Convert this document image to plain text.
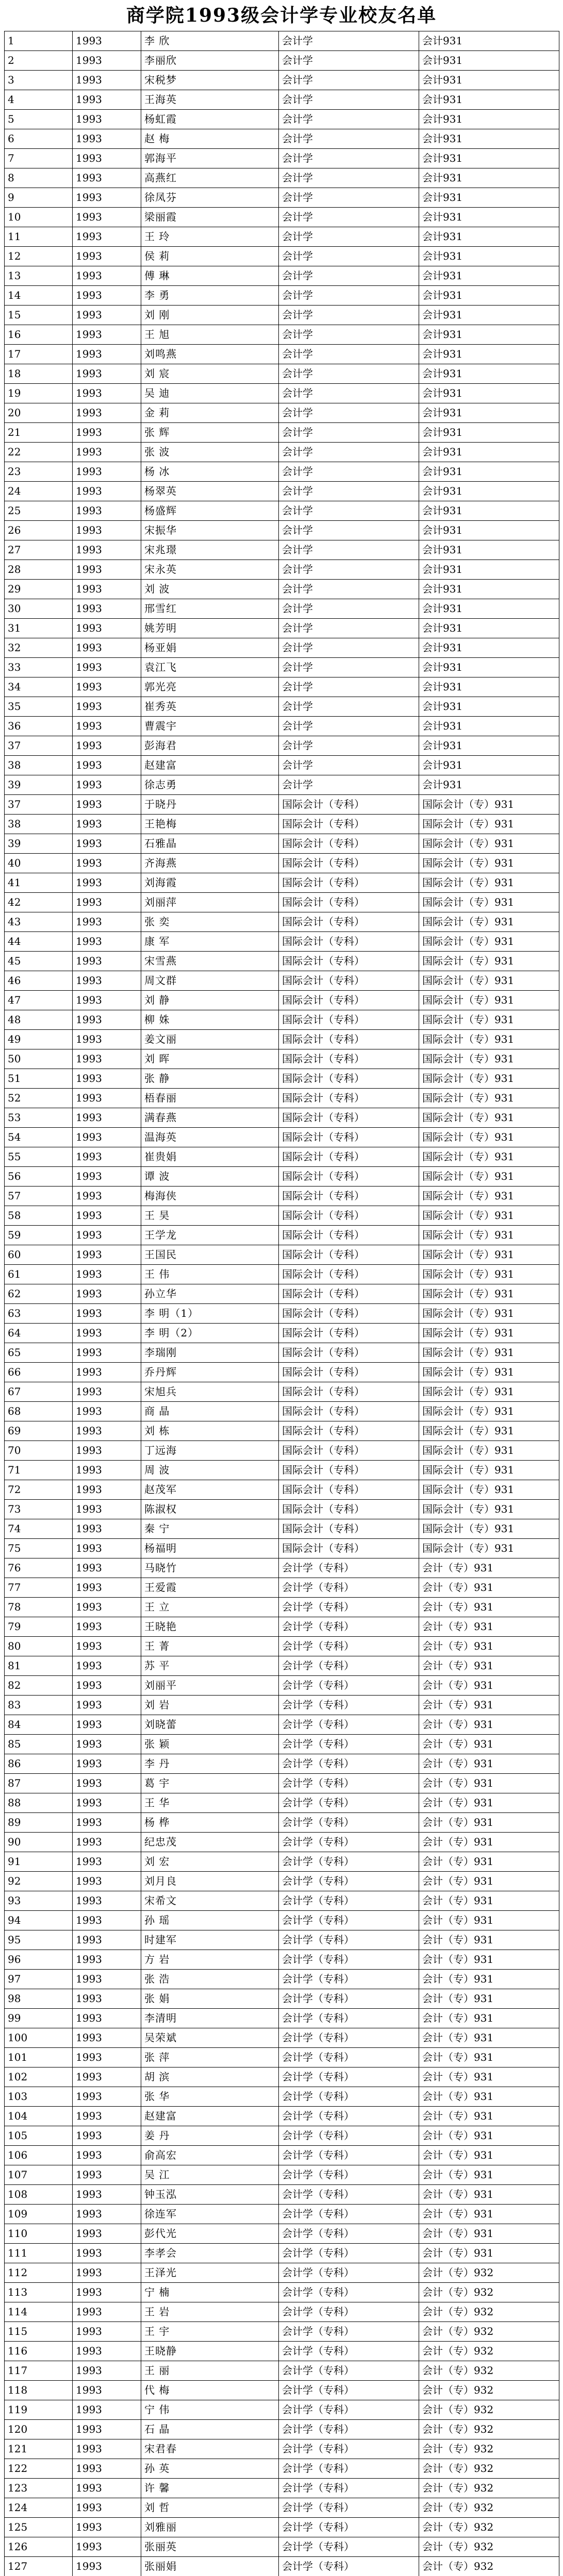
商学院1993级会计学专业校友名单
1	1993	李 欣	会计学	会计931
2	1993	李丽欣	会计学	会计931
3	1993	宋税梦	会计学	会计931
4	1993	王海英	会计学	会计931
5	1993	杨虹霞	会计学	会计931
6	1993	赵 梅	会计学	会计931
7	1993	郭海平	会计学	会计931
8	1993	高燕红	会计学	会计931
9	1993	徐凤芬	会计学	会计931
10	1993	梁丽霞	会计学	会计931
11	1993	王 玲	会计学	会计931
12	1993	侯 莉	会计学	会计931
13	1993	傅 琳	会计学	会计931
14	1993	李 勇	会计学	会计931
15	1993	刘 刚	会计学	会计931
16	1993	王 旭	会计学	会计931
17	1993	刘鸣燕	会计学	会计931
18	1993	刘 宸	会计学	会计931
19	1993	吴 迪	会计学	会计931
20	1993	金 莉	会计学	会计931
21	1993	张 辉	会计学	会计931
22	1993	张 波	会计学	会计931
23	1993	杨 冰	会计学	会计931
24	1993	杨翠英	会计学	会计931
25	1993	杨盛辉	会计学	会计931
26	1993	宋振华	会计学	会计931
27	1993	宋兆璟	会计学	会计931
28	1993	宋永英	会计学	会计931
29	1993	刘 波	会计学	会计931
30	1993	邢雪红	会计学	会计931
31	1993	姚芳明	会计学	会计931
32	1993	杨亚娟	会计学	会计931
33	1993	袁江飞	会计学	会计931
34	1993	郭光亮	会计学	会计931
35	1993	崔秀英	会计学	会计931
36	1993	曹震宇	会计学	会计931
37	1993	彭海君	会计学	会计931
38	1993	赵建富	会计学	会计931
39	1993	徐志勇	会计学	会计931
37	1993	于晓丹	国际会计（专科）	国际会计（专）931
38	1993	王艳梅	国际会计（专科）	国际会计（专）931
39	1993	石雅晶	国际会计（专科）	国际会计（专）931
40	1993	齐海燕	国际会计（专科）	国际会计（专）931
41	1993	刘海霞	国际会计（专科）	国际会计（专）931
42	1993	刘丽萍	国际会计（专科）	国际会计（专）931
43	1993	张 奕	国际会计（专科）	国际会计（专）931
44	1993	康 军	国际会计（专科）	国际会计（专）931
45	1993	宋雪燕	国际会计（专科）	国际会计（专）931
46	1993	周文群	国际会计（专科）	国际会计（专）931
47	1993	刘 静	国际会计（专科）	国际会计（专）931
48	1993	柳 姝	国际会计（专科）	国际会计（专）931
49	1993	姜文丽	国际会计（专科）	国际会计（专）931
50	1993	刘 晖	国际会计（专科）	国际会计（专）931
51	1993	张 静	国际会计（专科）	国际会计（专）931
52	1993	梧春丽	国际会计（专科）	国际会计（专）931
53	1993	满春燕	国际会计（专科）	国际会计（专）931
54	1993	温海英	国际会计（专科）	国际会计（专）931
55	1993	崔贵娟	国际会计（专科）	国际会计（专）931
56	1993	谭 波	国际会计（专科）	国际会计（专）931
57	1993	梅海侠	国际会计（专科）	国际会计（专）931
58	1993	王 昊	国际会计（专科）	国际会计（专）931
59	1993	王学龙	国际会计（专科）	国际会计（专）931
60	1993	王国民	国际会计（专科）	国际会计（专）931
61	1993	王 伟	国际会计（专科）	国际会计（专）931
62	1993	孙立华	国际会计（专科）	国际会计（专）931
63	1993	李 明（1）	国际会计（专科）	国际会计（专）931
64	1993	李 明（2）	国际会计（专科）	国际会计（专）931
65	1993	李瑞刚	国际会计（专科）	国际会计（专）931
66	1993	乔丹辉	国际会计（专科）	国际会计（专）931
67	1993	宋旭兵	国际会计（专科）	国际会计（专）931
68	1993	商 晶	国际会计（专科）	国际会计（专）931
69	1993	刘 栋	国际会计（专科）	国际会计（专）931
70	1993	丁远海	国际会计（专科）	国际会计（专）931
71	1993	周 波	国际会计（专科）	国际会计（专）931
72	1993	赵茂军	国际会计（专科）	国际会计（专）931
73	1993	陈淑权	国际会计（专科）	国际会计（专）931
74	1993	秦 宁	国际会计（专科）	国际会计（专）931
75	1993	杨福明	国际会计（专科）	国际会计（专）931
76	1993	马晓竹	会计学（专科）	会计（专）931
77	1993	王爱霞	会计学（专科）	会计（专）931
78	1993	王 立	会计学（专科）	会计（专）931
79	1993	王晓艳	会计学（专科）	会计（专）931
80	1993	王 菁	会计学（专科）	会计（专）931
81	1993	苏 平	会计学（专科）	会计（专）931
82	1993	刘丽平	会计学（专科）	会计（专）931
83	1993	刘 岩	会计学（专科）	会计（专）931
84	1993	刘晓蕾	会计学（专科）	会计（专）931
85	1993	张 颖	会计学（专科）	会计（专）931
86	1993	李 丹	会计学（专科）	会计（专）931
87	1993	葛 宇	会计学（专科）	会计（专）931
88	1993	王 华	会计学（专科）	会计（专）931
89	1993	杨 桦	会计学（专科）	会计（专）931
90	1993	纪忠茂	会计学（专科）	会计（专）931
91	1993	刘 宏	会计学（专科）	会计（专）931
92	1993	刘月良	会计学（专科）	会计（专）931
93	1993	宋希文	会计学（专科）	会计（专）931
94	1993	孙 瑶	会计学（专科）	会计（专）931
95	1993	时建军	会计学（专科）	会计（专）931
96	1993	方 岩	会计学（专科）	会计（专）931
97	1993	张 浩	会计学（专科）	会计（专）931
98	1993	张 娟	会计学（专科）	会计（专）931
99	1993	李清明	会计学（专科）	会计（专）931
100	1993	吴荣斌	会计学（专科）	会计（专）931
101	1993	张 萍	会计学（专科）	会计（专）931
102	1993	胡 滨	会计学（专科）	会计（专）931
103	1993	张 华	会计学（专科）	会计（专）931
104	1993	赵建富	会计学（专科）	会计（专）931
105	1993	姜 丹	会计学（专科）	会计（专）931
106	1993	俞高宏	会计学（专科）	会计（专）931
107	1993	吴 江	会计学（专科）	会计（专）931
108	1993	钟玉泓	会计学（专科）	会计（专）931
109	1993	徐连军	会计学（专科）	会计（专）931
110	1993	彭代光	会计学（专科）	会计（专）931
111	1993	李孝会	会计学（专科）	会计（专）931
112	1993	王泽光	会计学（专科）	会计（专）932
113	1993	宁 楠	会计学（专科）	会计（专）932
114	1993	王 岩	会计学（专科）	会计（专）932
115	1993	王 宇	会计学（专科）	会计（专）932
116	1993	王晓静	会计学（专科）	会计（专）932
117	1993	王 丽	会计学（专科）	会计（专）932
118	1993	代 梅	会计学（专科）	会计（专）932
119	1993	宁 伟	会计学（专科）	会计（专）932
120	1993	石 晶	会计学（专科）	会计（专）932
121	1993	宋君春	会计学（专科）	会计（专）932
122	1993	孙 英	会计学（专科）	会计（专）932
123	1993	许 馨	会计学（专科）	会计（专）932
124	1993	刘 哲	会计学（专科）	会计（专）932
125	1993	刘雅丽	会计学（专科）	会计（专）932
126	1993	张丽英	会计学（专科）	会计（专）932
127	1993	张丽娟	会计学（专科）	会计（专）932
